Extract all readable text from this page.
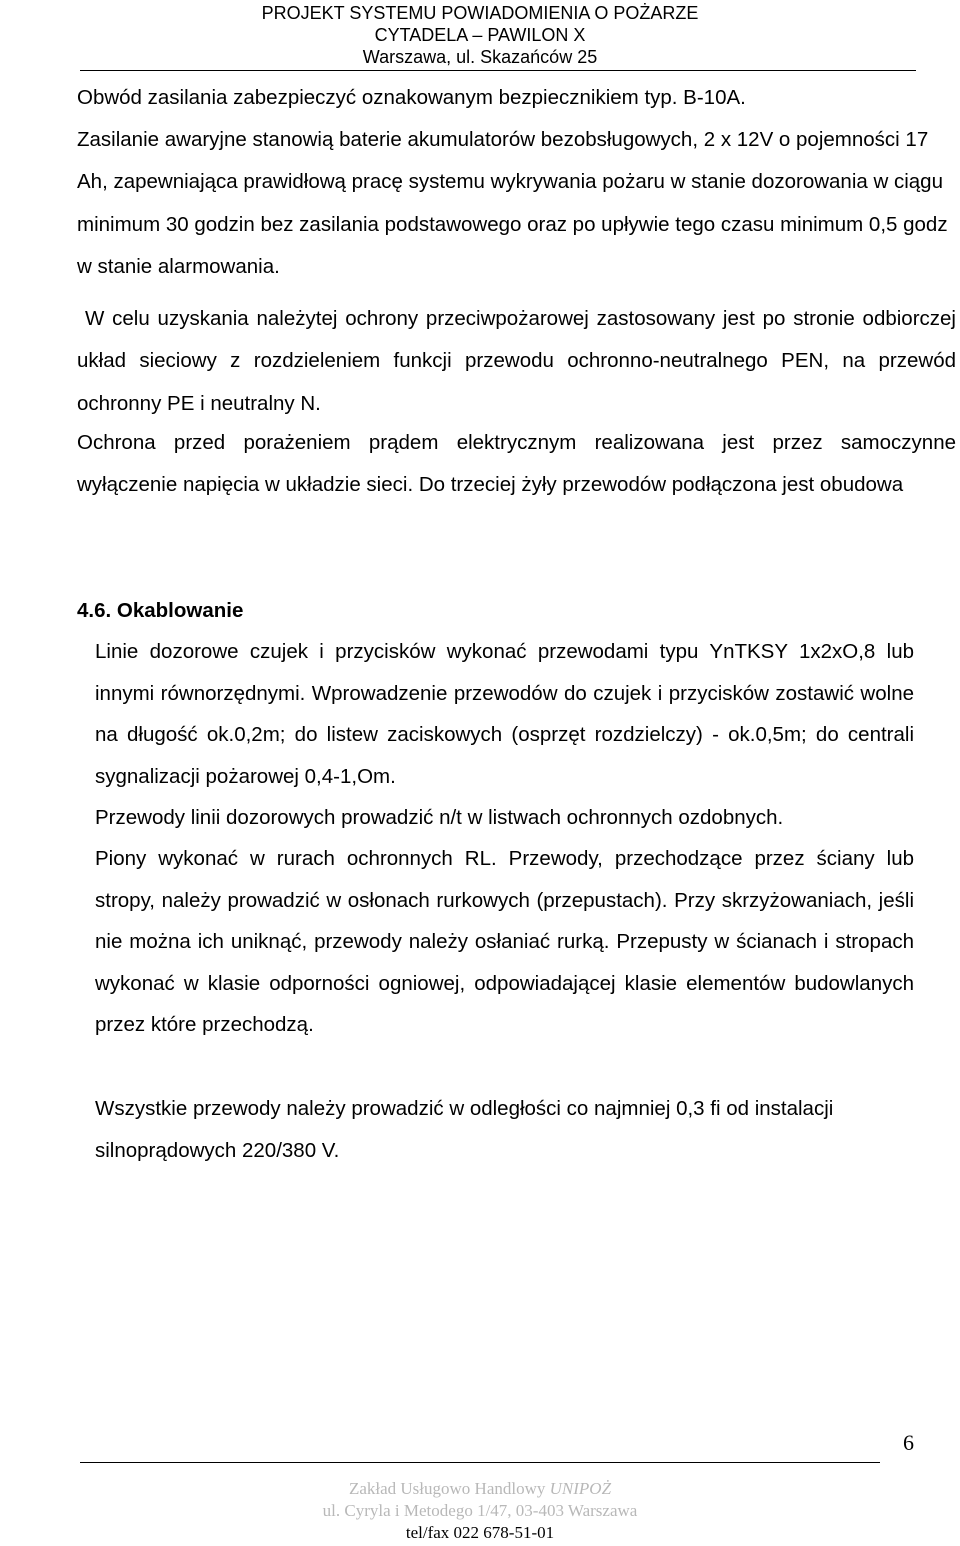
PROJEKT SYSTEMU POWIADOMIENIA O POŻARZE
CYTADELA – PAWILON X
Warszawa, ul. Skazańców 25
Obwód zasilania zabezpieczyć oznakowanym bezpiecznikiem typ. B-10A.
Zasilanie awaryjne stanowią baterie akumulatorów bezobsługowych, 2 x 12V o pojemności 17 Ah, zapewniająca prawidłową pracę systemu wykrywania pożaru w stanie dozorowania w ciągu minimum 30 godzin bez zasilania podstawowego oraz po upływie tego czasu minimum 0,5 godz w stanie alarmowania.
W celu uzyskania należytej ochrony przeciwpożarowej zastosowany jest po stronie odbiorczej układ sieciowy z rozdzieleniem funkcji przewodu ochronno-neutralnego PEN, na przewód ochronny PE i neutralny N.
Ochrona przed porażeniem prądem elektrycznym realizowana jest przez samoczynne wyłączenie napięcia w układzie sieci. Do trzeciej żyły przewodów podłączona jest obudowa
4.6. Okablowanie
Linie dozorowe czujek i przycisków wykonać przewodami typu YnTKSY 1x2xO,8 lub innymi równorzędnymi. Wprowadzenie przewodów do czujek i przycisków zostawić wolne na długość ok.0,2m; do listew zaciskowych (osprzęt rozdzielczy) - ok.0,5m; do centrali sygnalizacji pożarowej 0,4-1,Om.
Przewody linii dozorowych prowadzić n/t w listwach ochronnych ozdobnych.
Piony wykonać w rurach ochronnych RL. Przewody, przechodzące przez ściany lub stropy, należy prowadzić w osłonach rurkowych (przepustach). Przy skrzyżowaniach, jeśli nie można ich uniknąć, przewody należy osłaniać rurką. Przepusty w ścianach i stropach wykonać w klasie odporności ogniowej, odpowiadającej klasie elementów budowlanych przez które przechodzą.
Wszystkie przewody należy prowadzić w odległości co najmniej 0,3 fi od instalacji silnoprądowych 220/380 V.
6
Zakład Usługowo Handlowy UNIPOŻ
ul. Cyryla i Metodego 1/47, 03-403 Warszawa
tel/fax 022 678-51-01
